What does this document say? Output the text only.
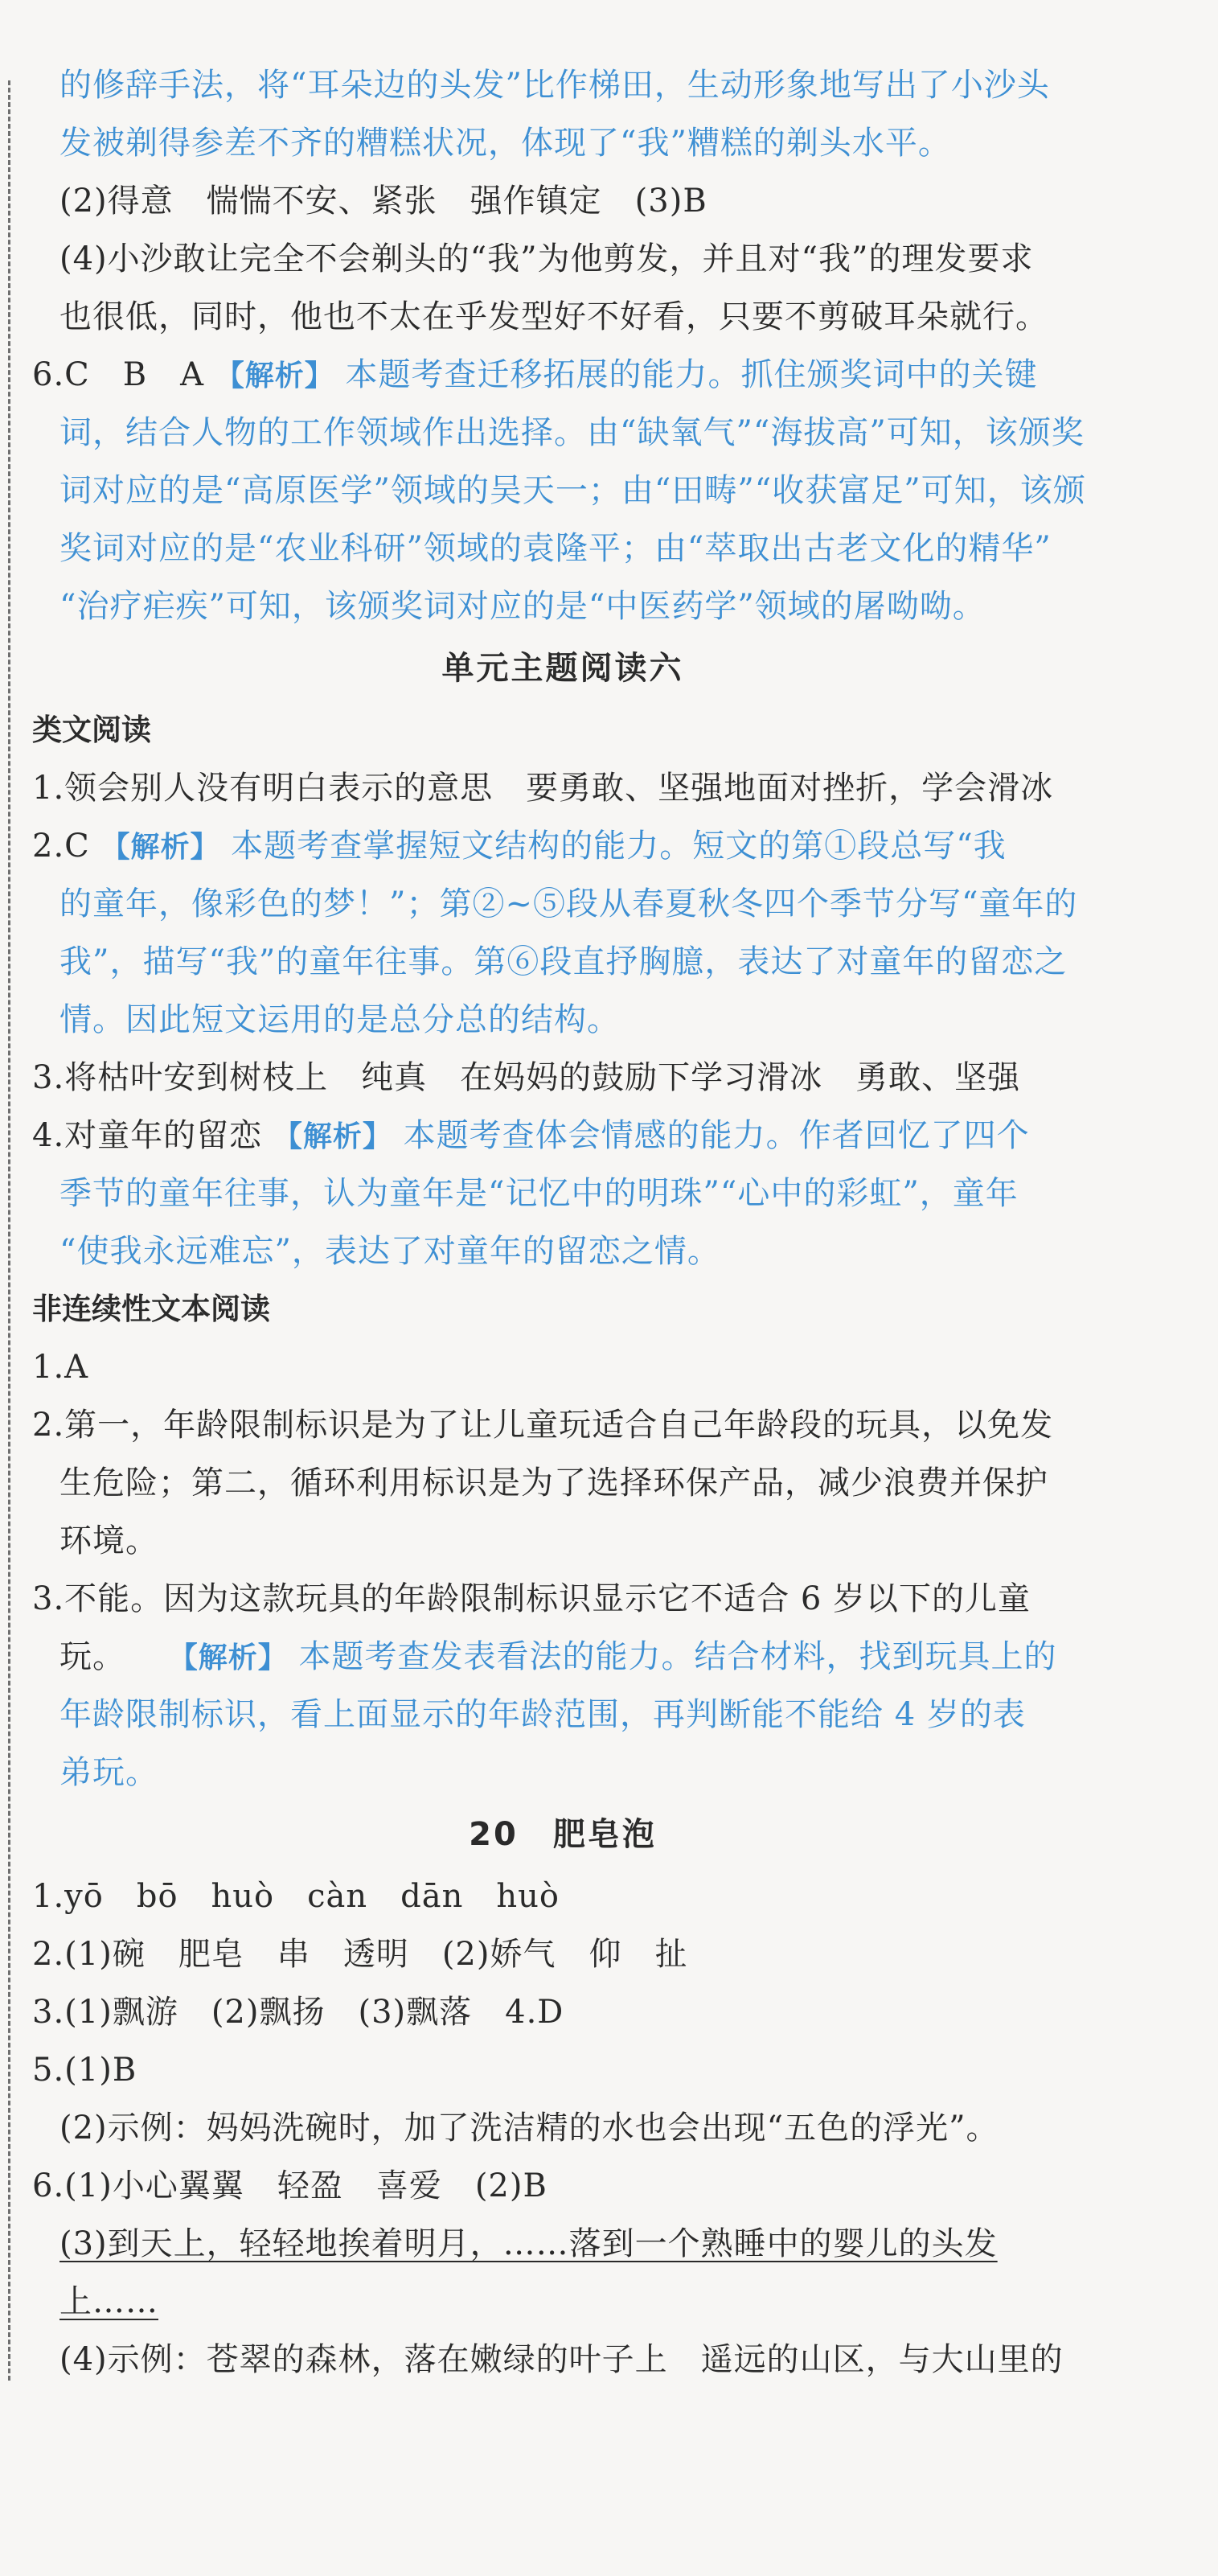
的修辞手法，将“耳朵边的头发”比作梯田，生动形象地写出了小沙头
发被剃得参差不齐的糟糕状况，体现了“我”糟糕的剃头水平。
(2)得意　惴惴不安、紧张　强作镇定　(3)B
(4)小沙敢让完全不会剃头的“我”为他剪发，并且对“我”的理发要求
也很低，同时，他也不太在乎发型好不好看，只要不剪破耳朵就行。
6.C　B　A 【解析】 本题考查迁移拓展的能力。抓住颁奖词中的关键
词，结合人物的工作领域作出选择。由“缺氧气”“海拔高”可知，该颁奖
词对应的是“高原医学”领域的吴天一；由“田畴”“收获富足”可知，该颁
奖词对应的是“农业科研”领域的袁隆平；由“萃取出古老文化的精华”
“治疗疟疾”可知，该颁奖词对应的是“中医药学”领域的屠呦呦。
单元主题阅读六
类文阅读
1.领会别人没有明白表示的意思　要勇敢、坚强地面对挫折，学会滑冰
2.C 【解析】 本题考查掌握短文结构的能力。短文的第①段总写“我
的童年，像彩色的梦！”；第②~⑤段从春夏秋冬四个季节分写“童年的
我”，描写“我”的童年往事。第⑥段直抒胸臆，表达了对童年的留恋之
情。因此短文运用的是总分总的结构。
3.将枯叶安到树枝上　纯真　在妈妈的鼓励下学习滑冰　勇敢、坚强
4.对童年的留恋 【解析】 本题考查体会情感的能力。作者回忆了四个
季节的童年往事，认为童年是“记忆中的明珠”“心中的彩虹”，童年
“使我永远难忘”，表达了对童年的留恋之情。
非连续性文本阅读
1.A
2.第一，年龄限制标识是为了让儿童玩适合自己年龄段的玩具，以免发
生危险；第二，循环利用标识是为了选择环保产品，减少浪费并保护
环境。
3.不能。因为这款玩具的年龄限制标识显示它不适合 6 岁以下的儿童
玩。 【解析】 本题考查发表看法的能力。结合材料，找到玩具上的
年龄限制标识，看上面显示的年龄范围，再判断能不能给 4 岁的表
弟玩。
20　肥皂泡
1.yō　bō　huò　càn　dān　huò
2.(1)碗　肥皂　串　透明　(2)娇气　仰　扯
3.(1)飘游　(2)飘扬　(3)飘落　4.D
5.(1)B
(2)示例：妈妈洗碗时，加了洗洁精的水也会出现“五色的浮光”。
6.(1)小心翼翼　轻盈　喜爱　(2)B
(3)到天上，轻轻地挨着明月，……落到一个熟睡中的婴儿的头发
上……
(4)示例：苍翠的森林，落在嫩绿的叶子上　遥远的山区，与大山里的
